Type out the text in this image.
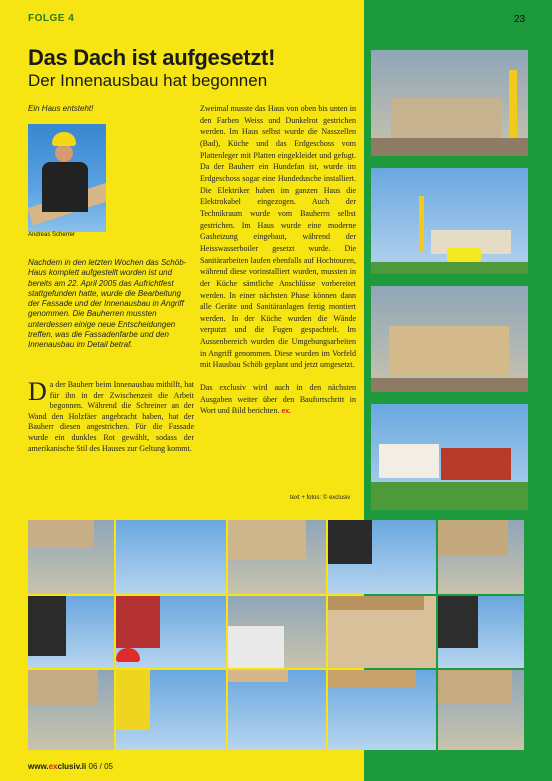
FOLGE 4	23
Das Dach ist aufgesetzt!
Der Innenausbau hat begonnen
Ein Haus entsteht!
Andreas Scherrer
Nachdem in den letzten Wochen das Schöb-Haus komplett aufgestellt worden ist und bereits am 22. April 2005 das Aufrichtfest stattgefunden hatte, wurde die Bearbeitung der Fassade und der Innenausbau in Angriff genommen. Die Bauherren mussten unterdessen einige neue Entscheidungen treffen, was die Fassadenfarbe und den Innenausbau im Detail betraf.
Da der Bauherr beim Innenausbau mithilft, hat für ihn in der Zwischenzeit die Arbeit begonnen. Während die Schreiner an der Wand den Holzfäer angebracht haben, hat der Bauherr diesen angestrichen. Für die Fassade wurde ein dunkles Rot gewählt, sodass der amerikanische Stil des Hauses zur Geltung kommt.

Zweimal musste das Haus von oben bis unten in den Farben Weiss und Dunkelrot gestrichen werden. Im Haus selbst wurde die Nasszellen (Bad), Küche und das Erdgeschoss vom Plattenleger mit Platten eingekleidet und gefugt. Da der Bauherr ein Hundefan ist, wurde im Erdgeschoss sogar eine Hundedusche installiert. Die Elektriker haben im ganzen Haus die Elektrokabel eingezogen. Auch der Technikraum wurde vom Bauherrn selbst gestrichen. Im Haus wurde eine moderne Gasheizung eingebaut, während der Heisswasserboiler gesetzt wurde. Die Sanitärarbeiten laufen ebenfalls auf Hochtouren, während diese vorinstalliert wurden, mussten in der Küche sämtliche Anschlüsse vorbereitet werden. In einer nächsten Phase können dann alle Geräte und Sanitäranlagen fertig montiert werden. In der Küche wurden die Wände verputzt und die Fugen gespachtelt. Im Aussenbereich wurden die Umgebungsarbeiten in Angriff genommen. Diese wurden im Vorfeld mit Hausbau Schöb geplant und jetzt umgesetzt.

Das exclusiv wird auch in den nächsten Ausgaben weiter über den Baufortschritt in Wort und Bild berichten. ex.

text + fotos: © exclusiv
www.exclusiv.li 06 / 05
